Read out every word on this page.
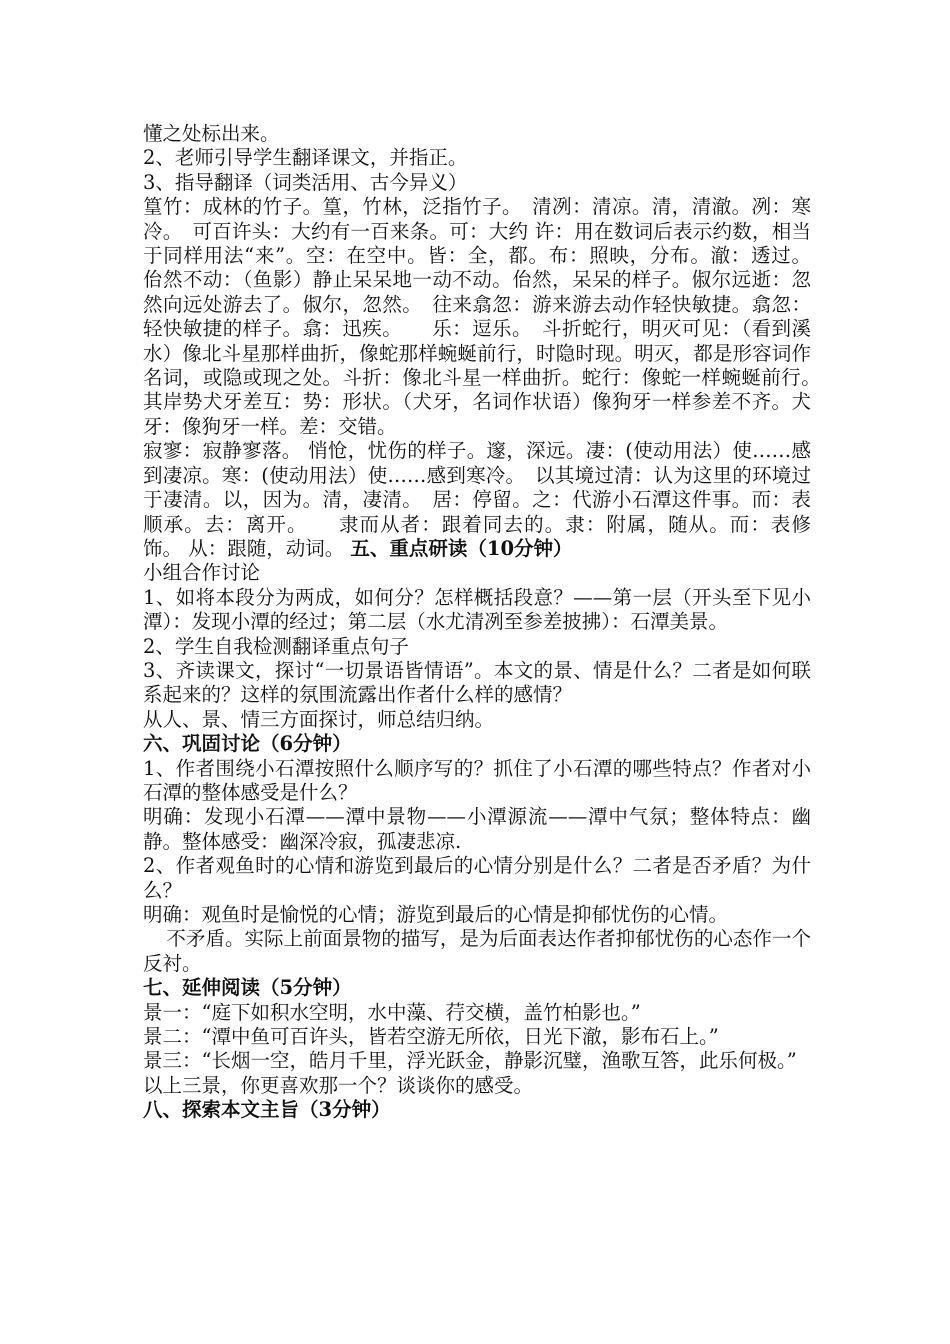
懂之处标出来。

2、老师引导学生翻译课文，并指正。

3、指导翻译（词类活用、古今异义）

篁竹：成林的竹子。篁，竹林，泛指竹子。　清冽：清凉。清，清澈。冽：寒冷。　可百许头：大约有一百来条。可：大约 许：用在数词后表示约数，相当于同样用法“来”。空：在空中。皆：全，都。布：照映，分布。澈：透过。 佁然不动：（鱼影）静止呆呆地一动不动。佁然，呆呆的样子。俶尔远逝：忽然向远处游去了。俶尔，忽然。　往来翕忽：游来游去动作轻快敏捷。翕忽：轻快敏捷的样子。翕：迅疾。　　乐：逗乐。　斗折蛇行，明灭可见：（看到溪水）像北斗星那样曲折，像蛇那样蜿蜒前行，时隐时现。明灭，都是形容词作名词，或隐或现之处。斗折：像北斗星一样曲折。蛇行：像蛇一样蜿蜒前行。　　其岸势犬牙差互：势：形状。（犬牙，名词作状语）像狗牙一样参差不齐。犬牙：像狗牙一样。差：交错。

寂寥：寂静寥落。 悄怆，忧伤的样子。邃，深远。凄：(使动用法）使……感到凄凉。寒：(使动用法）使……感到寒冷。　以其境过清：认为这里的环境过于凄清。以，因为。清，凄清。　居：停留。之：代游小石潭这件事。而：表顺承。去：离开。　　隶而从者：跟着同去的。隶：附属，随从。而：表修饰。 从：跟随，动词。 五、重点研读（10分钟）

小组合作讨论

1、如将本段分为两成，如何分？怎样概括段意？——第一层（开头至下见小潭）：发现小潭的经过；第二层（水尤清冽至参差披拂）：石潭美景。

2、学生自我检测翻译重点句子

3、齐读课文，探讨“一切景语皆情语”。本文的景、情是什么？二者是如何联系起来的？这样的氛围流露出作者什么样的感情？

从人、景、情三方面探讨，师总结归纳。

六、巩固讨论（6分钟）

1、作者围绕小石潭按照什么顺序写的？抓住了小石潭的哪些特点？作者对小石潭的整体感受是什么？

明确：发现小石潭——潭中景物——小潭源流——潭中气氛；整体特点：幽静。整体感受：幽深冷寂，孤凄悲凉.

2、作者观鱼时的心情和游览到最后的心情分别是什么？二者是否矛盾？为什么？

明确：观鱼时是愉悦的心情；游览到最后的心情是抑郁忧伤的心情。

不矛盾。实际上前面景物的描写，是为后面表达作者抑郁忧伤的心态作一个反衬。

七、延伸阅读（5分钟）

景一：“庭下如积水空明，水中藻、荇交横，盖竹柏影也。”

景二：“潭中鱼可百许头，皆若空游无所依，日光下澈，影布石上。”

景三：“长烟一空，皓月千里，浮光跃金，静影沉璧，渔歌互答，此乐何极。”

以上三景，你更喜欢那一个？谈谈你的感受。

八、探索本文主旨（3分钟）
